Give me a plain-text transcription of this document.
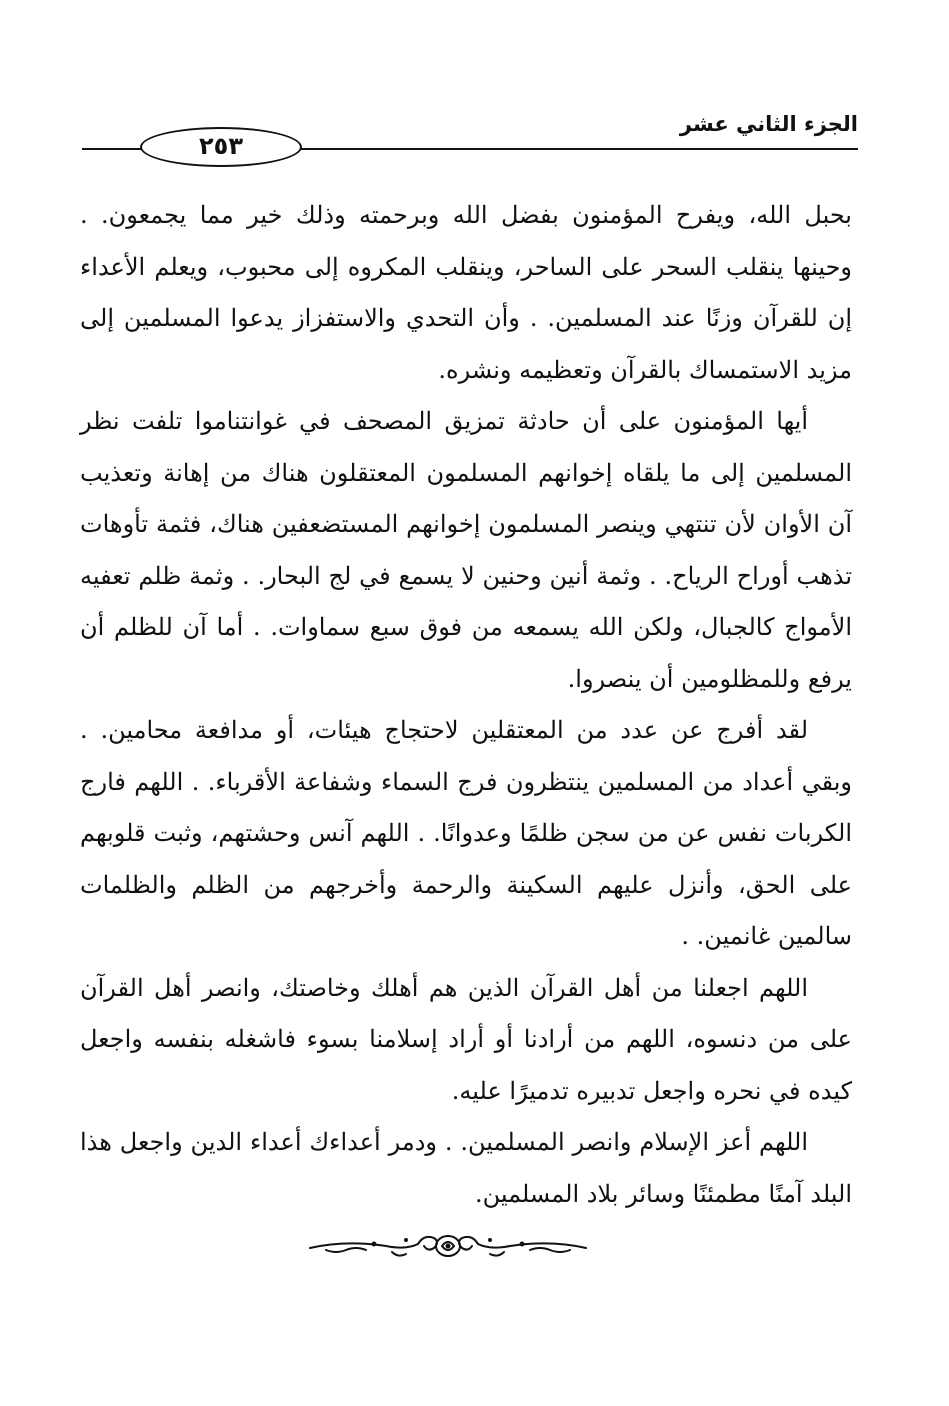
الجزء الثاني عشر
٢٥٣

بحبل الله، ويفرح المؤمنون بفضل الله وبرحمته وذلك خير مما يجمعون. . وحينها ينقلب السحر على الساحر، وينقلب المكروه إلى محبوب، ويعلم الأعداء إن للقرآن وزنًا عند المسلمين. . وأن التحدي والاستفزاز يدعوا المسلمين إلى مزيد الاستمساك بالقرآن وتعظيمه ونشره.

أيها المؤمنون على أن حادثة تمزيق المصحف في غوانتناموا تلفت نظر المسلمين إلى ما يلقاه إخوانهم المسلمون المعتقلون هناك من إهانة وتعذيب آن الأوان لأن تنتهي وينصر المسلمون إخوانهم المستضعفين هناك، فثمة تأوهات تذهب أوراح الرياح. . وثمة أنين وحنين لا يسمع في لج البحار. . وثمة ظلم تعفيه الأمواج كالجبال، ولكن الله يسمعه من فوق سبع سماوات. . أما آن للظلم أن يرفع وللمظلومين أن ينصروا.

لقد أفرج عن عدد من المعتقلين لاحتجاج هيئات، أو مدافعة محامين. . وبقي أعداد من المسلمين ينتظرون فرج السماء وشفاعة الأقرباء. . اللهم فارج الكربات نفس عن من سجن ظلمًا وعدوانًا. . اللهم آنس وحشتهم، وثبت قلوبهم على الحق، وأنزل عليهم السكينة والرحمة وأخرجهم من الظلم والظلمات سالمين غانمين. .

اللهم اجعلنا من أهل القرآن الذين هم أهلك وخاصتك، وانصر أهل القرآن على من دنسوه، اللهم من أرادنا أو أراد إسلامنا بسوء فاشغله بنفسه واجعل كيده في نحره واجعل تدبيره تدميرًا عليه.

اللهم أعز الإسلام وانصر المسلمين. . ودمر أعداءك أعداء الدين واجعل هذا البلد آمنًا مطمئنًا وسائر بلاد المسلمين.
